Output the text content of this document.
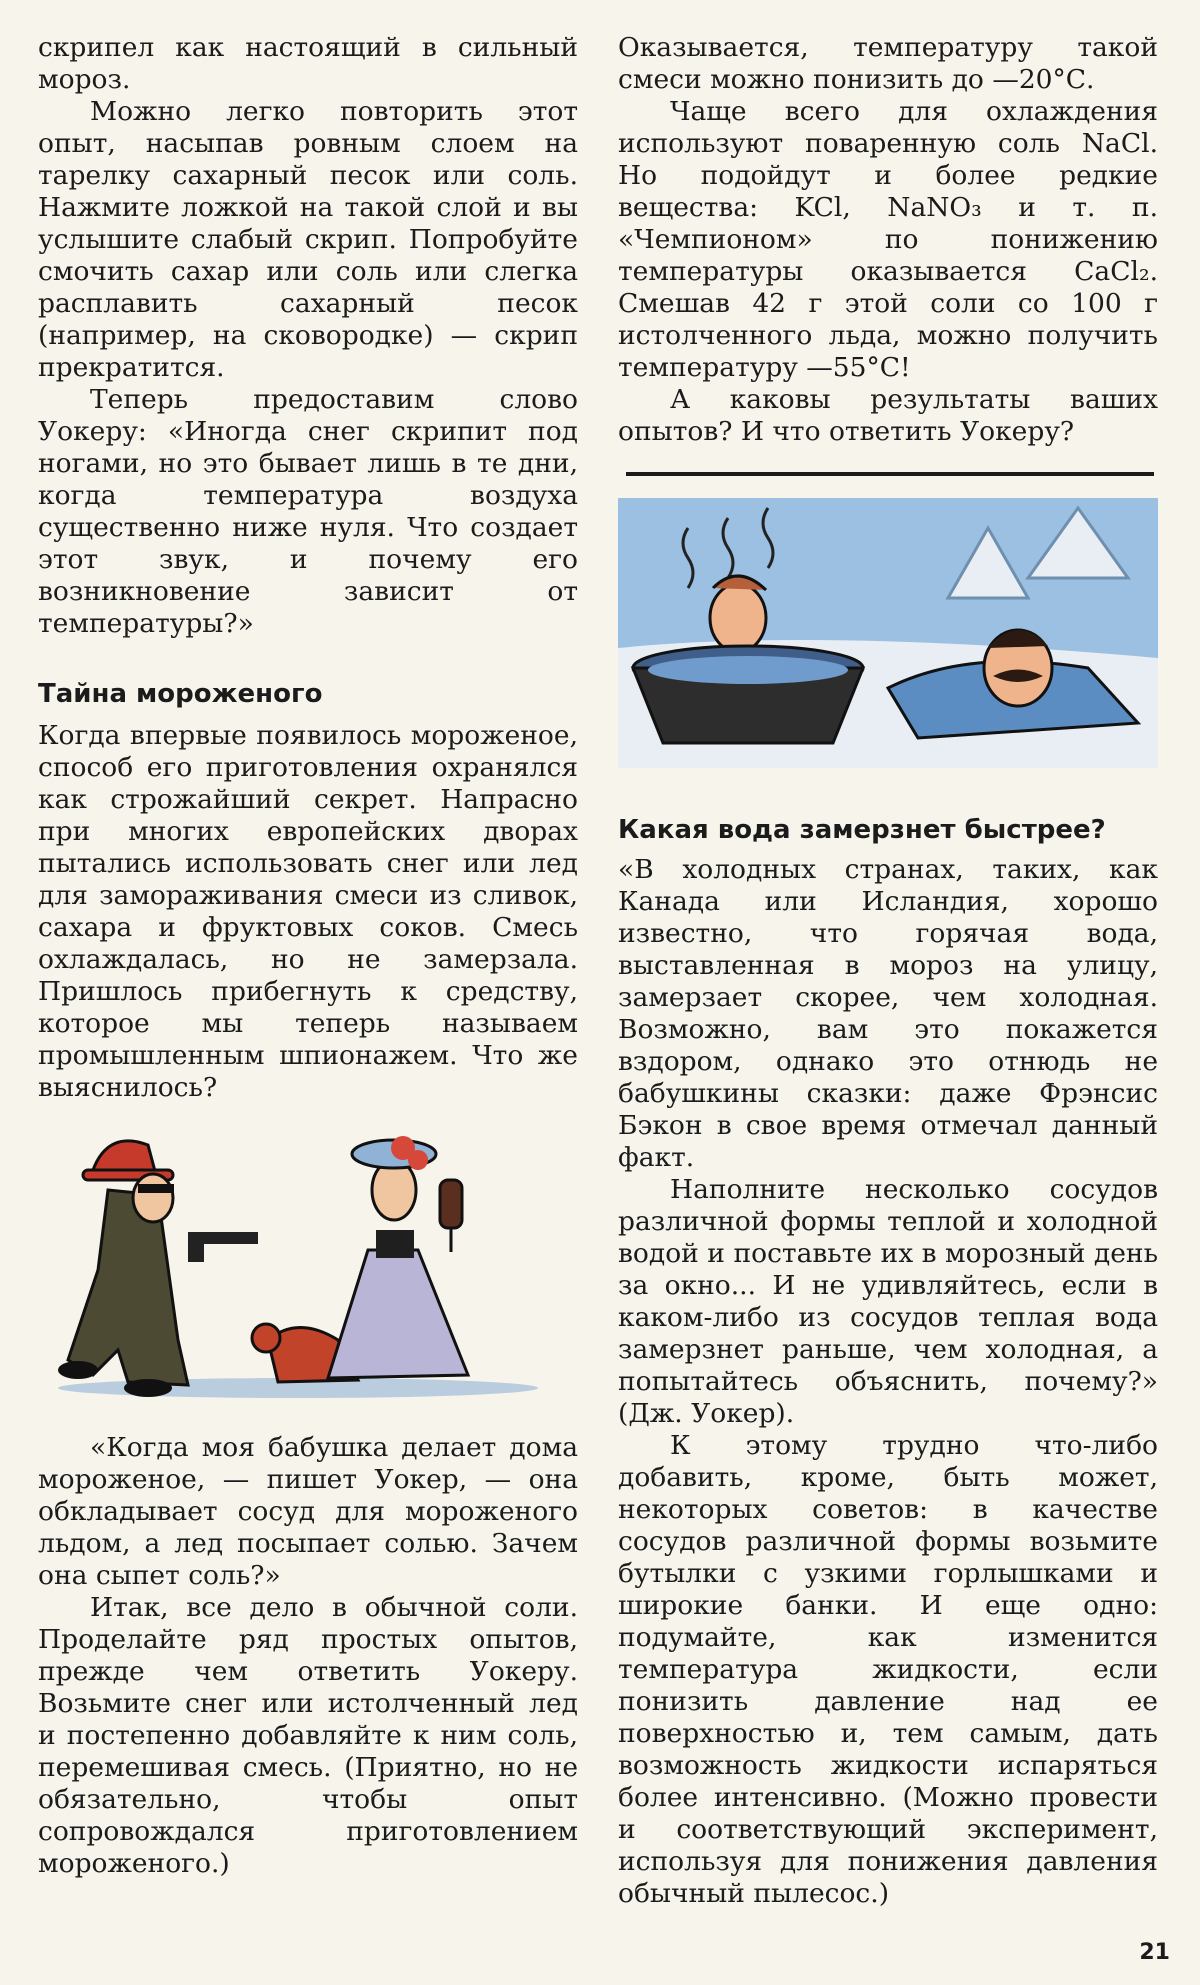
скрипел как настоящий в сильный мороз.

Можно легко повторить этот опыт, насыпав ровным слоем на тарелку сахарный песок или соль. Нажмите ложкой на такой слой и вы услышите слабый скрип. Попробуйте смочить сахар или соль или слегка расплавить сахарный песок (например, на сковородке) — скрип прекратится.

Теперь предоставим слово Уокеру: «Иногда снег скрипит под ногами, но это бывает лишь в те дни, когда температура воздуха существенно ниже нуля. Что создает этот звук, и почему его возникновение зависит от температуры?»

Тайна мороженого

Когда впервые появилось мороженое, способ его приготовления охранялся как строжайший секрет. Напрасно при многих европейских дворах пытались использовать снег или лед для замораживания смеси из сливок, сахара и фруктовых соков. Смесь охлаждалась, но не замерзала. Пришлось прибегнуть к средству, которое мы теперь называем промышленным шпионажем. Что же выяснилось?

«Когда моя бабушка делает дома мороженое, — пишет Уокер, — она обкладывает сосуд для мороженого льдом, а лед посыпает солью. Зачем она сыпет соль?»

Итак, все дело в обычной соли. Проделайте ряд простых опытов, прежде чем ответить Уокеру. Возьмите снег или истолченный лед и постепенно добавляйте к ним соль, перемешивая смесь. (Приятно, но не обязательно, чтобы опыт сопровождался приготовлением мороженого.)

Оказывается, температуру такой смеси можно понизить до —20°С.

Чаще всего для охлаждения используют поваренную соль NaCl. Но подойдут и более редкие вещества: KCl, NaNO₃ и т. п. «Чемпионом» по понижению температуры оказывается CaCl₂. Смешав 42 г этой соли со 100 г истолченного льда, можно получить температуру —55°С!

А каковы результаты ваших опытов? И что ответить Уокеру?

Какая вода замерзнет быстрее?

«В холодных странах, таких, как Канада или Исландия, хорошо известно, что горячая вода, выставленная в мороз на улицу, замерзает скорее, чем холодная. Возможно, вам это покажется вздором, однако это отнюдь не бабушкины сказки: даже Фрэнсис Бэкон в свое время отмечал данный факт.

Наполните несколько сосудов различной формы теплой и холодной водой и поставьте их в морозный день за окно... И не удивляйтесь, если в каком-либо из сосудов теплая вода замерзнет раньше, чем холодная, а попытайтесь объяснить, почему?» (Дж. Уокер).

К этому трудно что-либо добавить, кроме, быть может, некоторых советов: в качестве сосудов различной формы возьмите бутылки с узкими горлышками и широкие банки. И еще одно: подумайте, как изменится температура жидкости, если понизить давление над ее поверхностью и, тем самым, дать возможность жидкости испаряться более интенсивно. (Можно провести и соответствующий эксперимент, используя для понижения давления обычный пылесос.)

21
